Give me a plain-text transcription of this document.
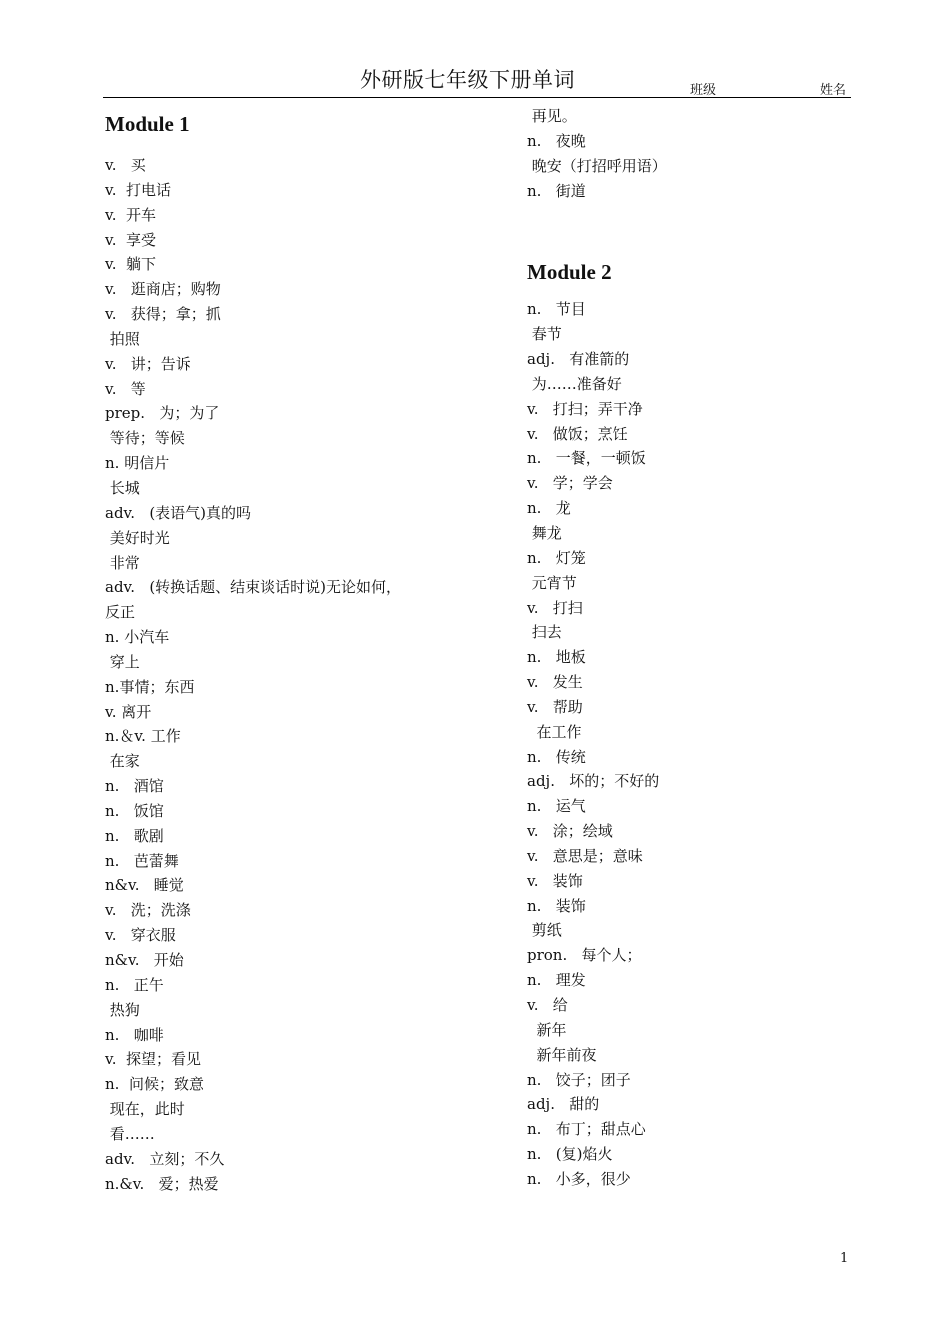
外研版七年级下册单词	班级	姓名
Module 1
v. 买
v. 打电话
v. 开车
v. 享受
v. 躺下
v. 逛商店；购物
v. 获得；拿；抓
拍照
v. 讲；告诉
v. 等
prep. 为；为了
等待；等候
n. 明信片
长城
adv. (表语气)真的吗
美好时光
非常
adv. (转换话题、结束谈话时说)无论如何，
反正
n. 小汽车
穿上
n.事情；东西
v. 离开
n.＆v. 工作
在家
n. 酒馆
n. 饭馆
n. 歌剧
n. 芭蕾舞
n&v. 睡觉
v. 洗；洗涤
v. 穿衣服
n&v. 开始
n. 正午
热狗
n. 咖啡
v. 探望；看见
n. 问候；致意
现在，此时
看……
adv. 立刻；不久
n.&v. 爱；热爱
再见。
n. 夜晚
晚安（打招呼用语）
n. 街道
Module 2
n. 节目
春节
adj. 有准箭的
为……准备好
v. 打扫；弄干净
v. 做饭；烹饪
n. 一餐，一顿饭
v. 学；学会
n. 龙
舞龙
n. 灯笼
元宵节
v. 打扫
扫去
n. 地板
v. 发生
v. 帮助
在工作
n. 传统
adj. 坏的；不好的
n. 运气
v. 涂；绘域
v. 意思是；意味
v. 装饰
n. 装饰
剪纸
pron. 每个人；
n. 理发
v. 给
新年
新年前夜
n. 饺子；团子
adj. 甜的
n. 布丁；甜点心
n. (复)焰火
n. 小多，很少
1
